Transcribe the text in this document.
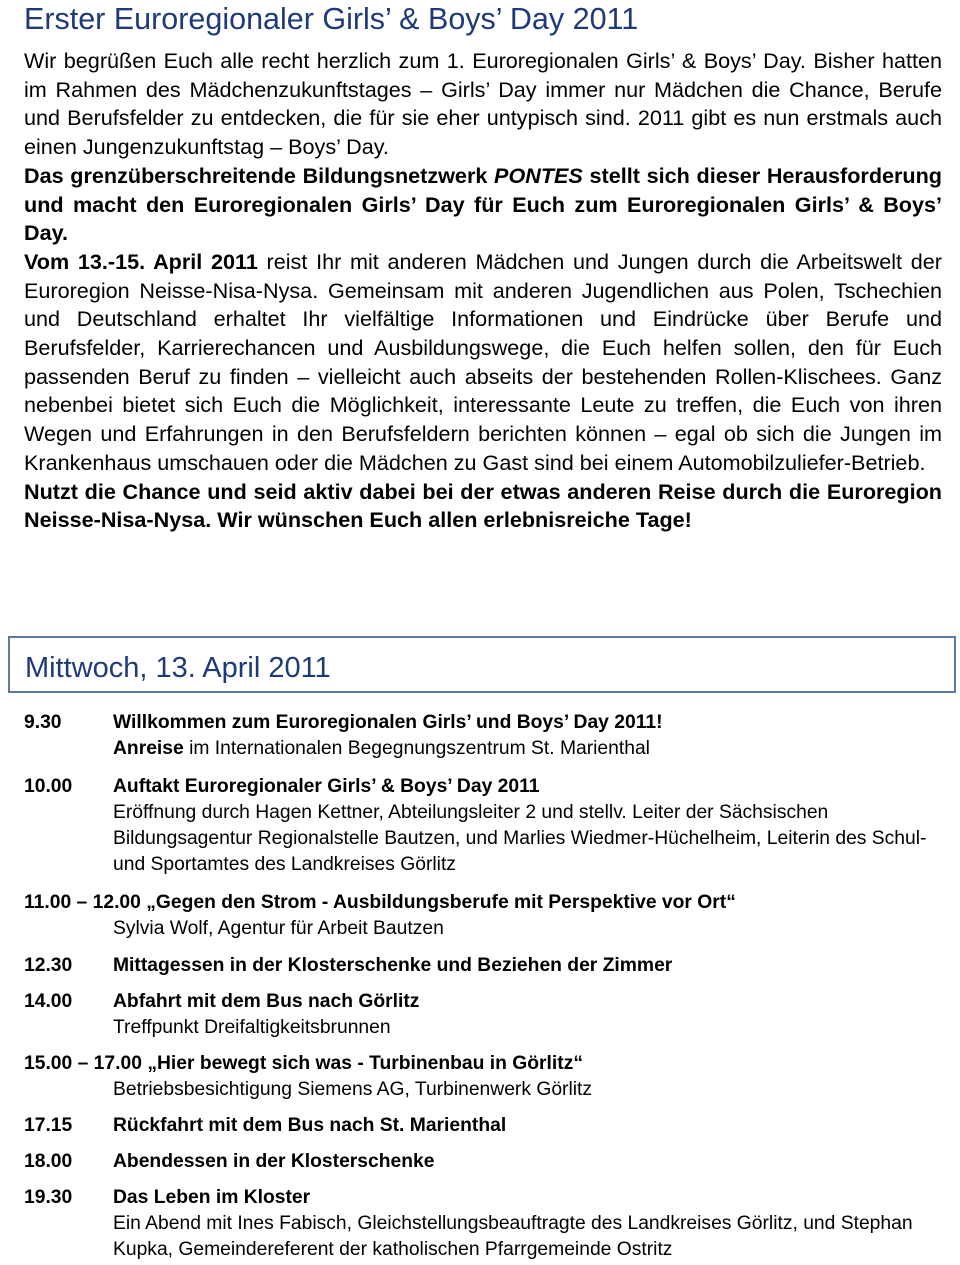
Erster Euroregionaler Girls’ & Boys’ Day 2011

Wir begrüßen Euch alle recht herzlich zum 1. Euroregionalen Girls’ & Boys’ Day. Bisher hatten im Rahmen des Mädchenzukunftstages – Girls’ Day immer nur Mädchen die Chance, Berufe und Berufsfelder zu entdecken, die für sie eher untypisch sind. 2011 gibt es nun erstmals auch einen Jungenzukunftstag – Boys’ Day.

Das grenzüberschreitende Bildungsnetzwerk PONTES stellt sich dieser Herausforderung und macht den Euroregionalen Girls’ Day für Euch zum Euroregionalen Girls’ & Boys’ Day.

Vom 13.-15. April 2011 reist Ihr mit anderen Mädchen und Jungen durch die Arbeitswelt der Euroregion Neisse-Nisa-Nysa. Gemeinsam mit anderen Jugendlichen aus Polen, Tschechien und Deutschland erhaltet Ihr vielfältige Informationen und Eindrücke über Berufe und Berufsfelder, Karrierechancen und Ausbildungswege, die Euch helfen sollen, den für Euch passenden Beruf zu finden – vielleicht auch abseits der bestehenden Rollen-Klischees. Ganz nebenbei bietet sich Euch die Möglichkeit, interessante Leute zu treffen, die Euch von ihren Wegen und Erfahrungen in den Berufsfeldern berichten können – egal ob sich die Jungen im Krankenhaus umschauen oder die Mädchen zu Gast sind bei einem Automobilzuliefer-Betrieb.

Nutzt die Chance und seid aktiv dabei bei der etwas anderen Reise durch die Euroregion Neisse-Nisa-Nysa. Wir wünschen Euch allen erlebnisreiche Tage!

Mittwoch, 13. April 2011
9.30	Willkommen zum Euroregionalen Girls’ und Boys’ Day 2011!
Anreise im Internationalen Begegnungszentrum St. Marienthal
10.00 Auftakt Euroregionaler Girls’ & Boys’ Day 2011
Eröffnung durch Hagen Kettner, Abteilungsleiter 2 und stellv. Leiter der Sächsischen Bildungsagentur Regionalstelle Bautzen, und Marlies Wiedmer-Hüchelheim, Leiterin des Schul- und Sportamtes des Landkreises Görlitz
11.00 – 12.00 „Gegen den Strom - Ausbildungsberufe mit Perspektive vor Ort“
Sylvia Wolf, Agentur für Arbeit Bautzen
12.30 Mittagessen in der Klosterschenke und Beziehen der Zimmer
14.00 Abfahrt mit dem Bus nach Görlitz
Treffpunkt Dreifaltigkeitsbrunnen
15.00 – 17.00 „Hier bewegt sich was - Turbinenbau in Görlitz“
Betriebsbesichtigung Siemens AG, Turbinenwerk Görlitz
17.15 Rückfahrt mit dem Bus nach St. Marienthal
18.00 Abendessen in der Klosterschenke
19.30 Das Leben im Kloster
Ein Abend mit Ines Fabisch, Gleichstellungsbeauftragte des Landkreises Görlitz, und Stephan Kupka, Gemeindereferent der katholischen Pfarrgemeinde Ostritz
